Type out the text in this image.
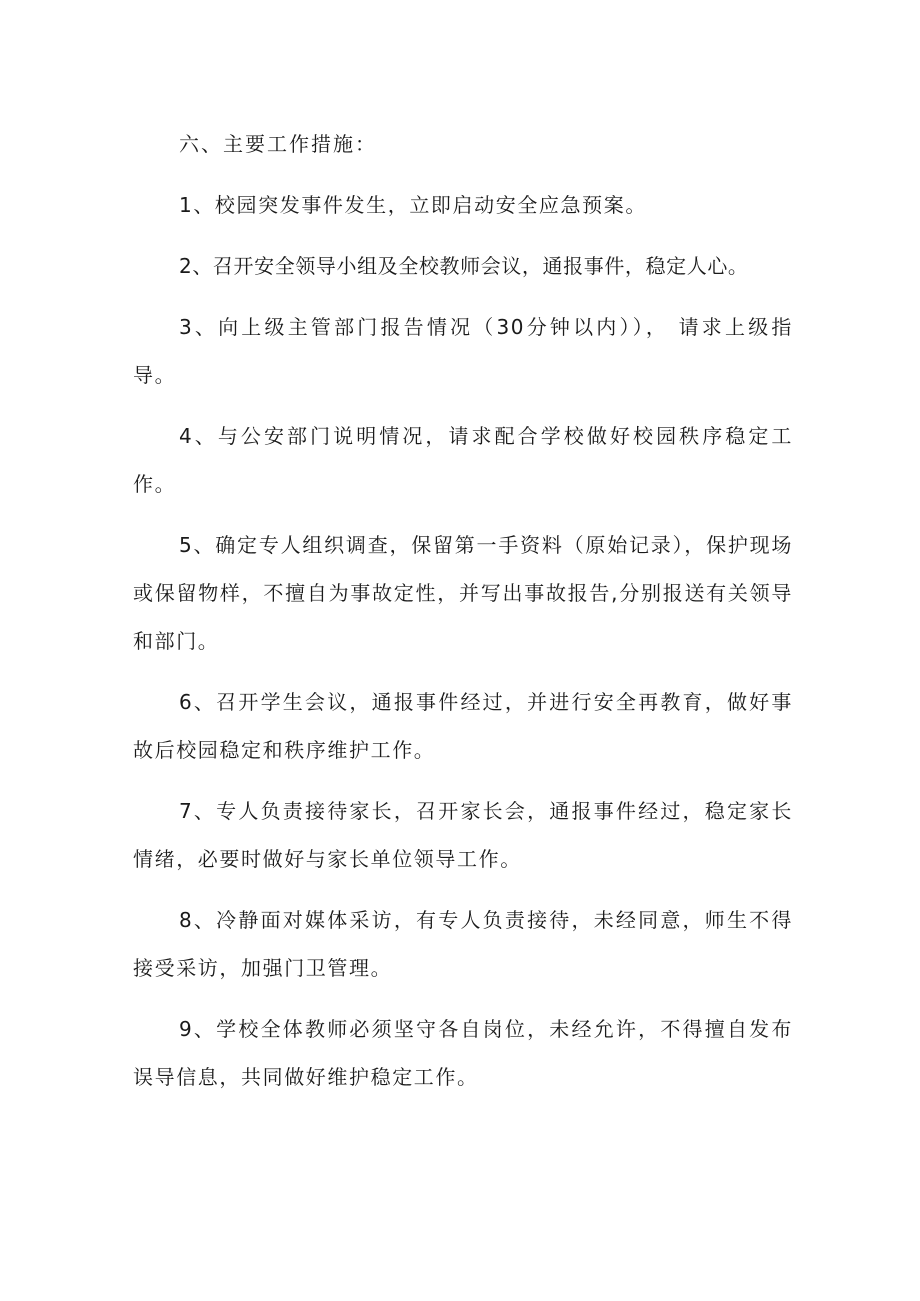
六、主要工作措施：

1、校园突发事件发生，立即启动安全应急预案。

2、召开安全领导小组及全校教师会议，通报事件，稳定人心。

3、向上级主管部门报告情况（30分钟以内））， 请求上级指导。

4、与公安部门说明情况，请求配合学校做好校园秩序稳定工作。

5、确定专人组织调查，保留第一手资料（原始记录），保护现场或保留物样，不擅自为事故定性，并写出事故报告,分别报送有关领导和部门。

6、召开学生会议，通报事件经过，并进行安全再教育，做好事故后校园稳定和秩序维护工作。

7、专人负责接待家长，召开家长会，通报事件经过，稳定家长情绪，必要时做好与家长单位领导工作。

8、冷静面对媒体采访，有专人负责接待，未经同意，师生不得接受采访，加强门卫管理。

9、学校全体教师必须坚守各自岗位，未经允许，不得擅自发布误导信息，共同做好维护稳定工作。
